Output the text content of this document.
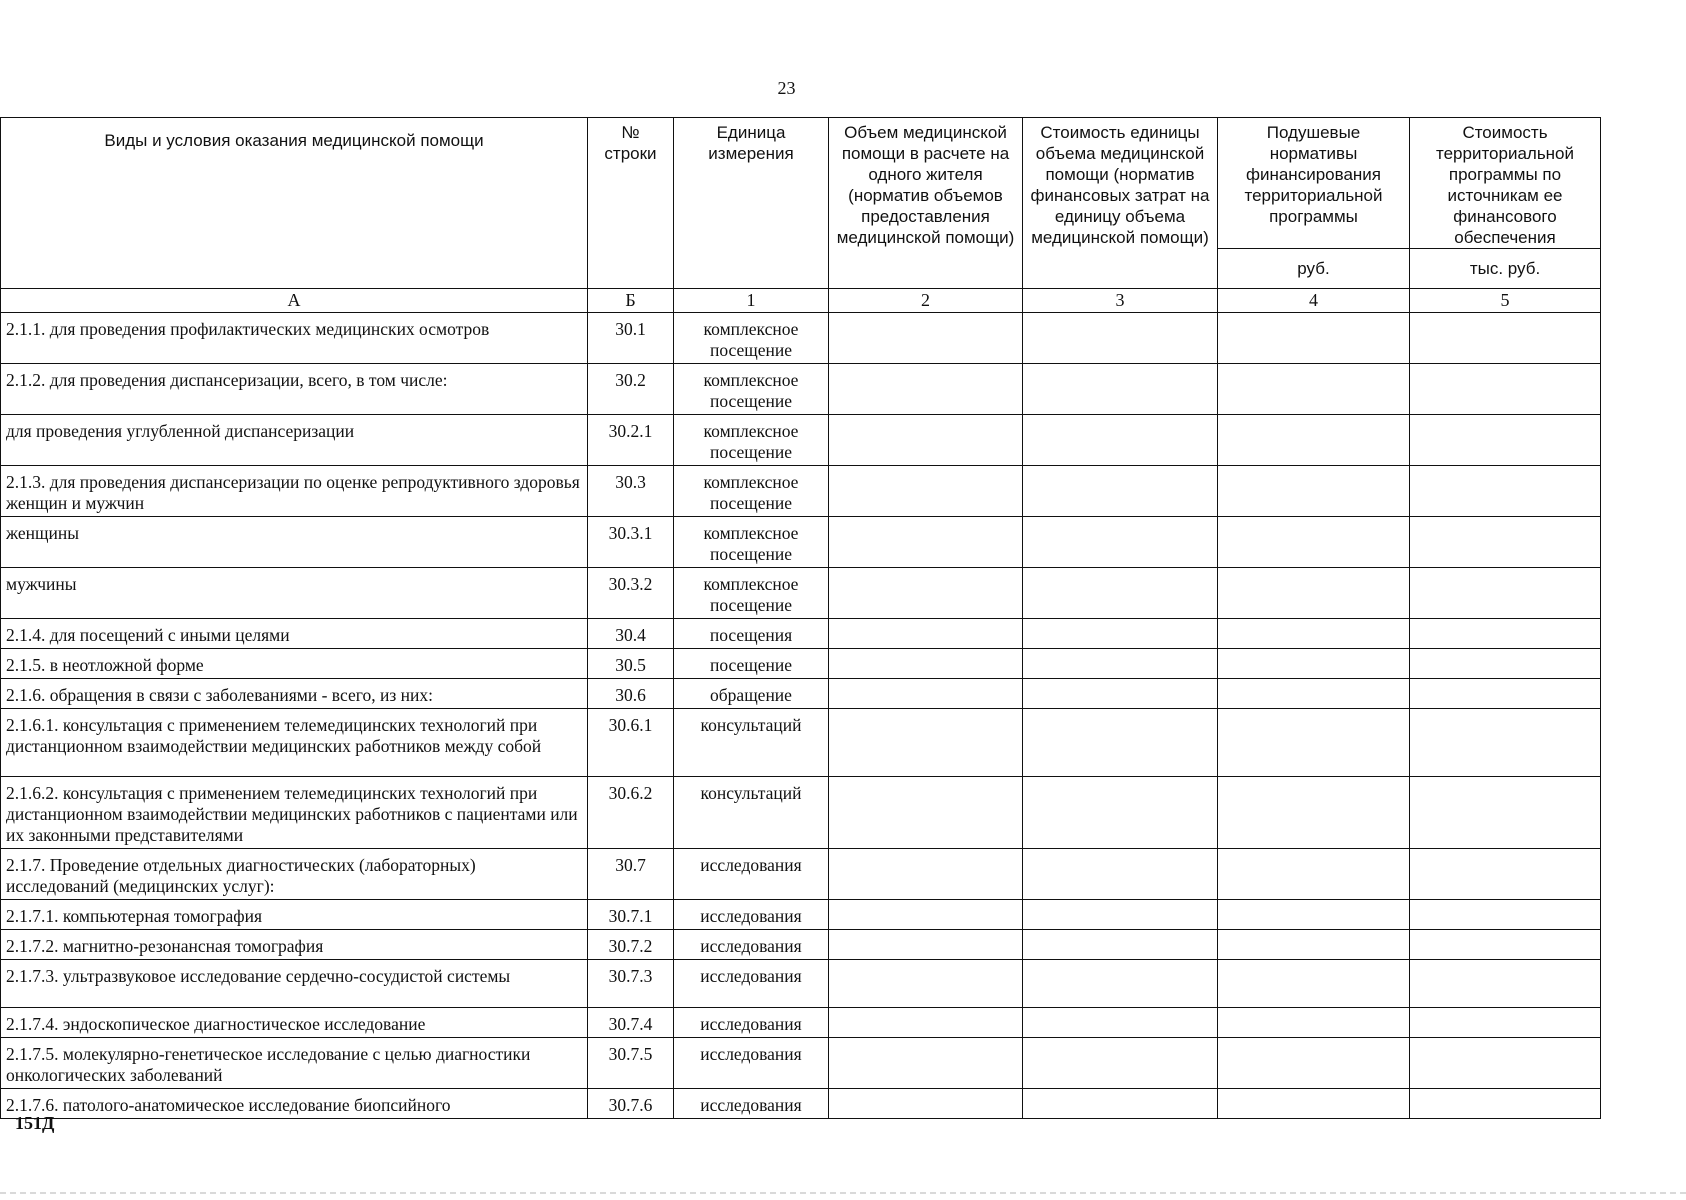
23
Виды и условия оказания медицинской помощи	№ строки	Единица измерения	Объем медицинской помощи в расчете на одного жителя (норматив объемов предоставления медицинской помощи)	Стоимость единицы объема медицинской помощи (норматив финансовых затрат на единицу объема медицинской помощи)	Подушевые нормативы финансирования территориальной программы	Стоимость территориальной программы по источникам ее финансового обеспечения
					руб.	тыс. руб.
А	Б	1	2	3	4	5
2.1.1. для проведения профилактических медицинских осмотров	30.1	комплексное посещение				
2.1.2. для проведения диспансеризации, всего, в том числе:	30.2	комплексное посещение				
для проведения углубленной диспансеризации	30.2.1	комплексное посещение				
2.1.3. для проведения диспансеризации по оценке репродуктивного здоровья женщин и мужчин	30.3	комплексное посещение				
женщины	30.3.1	комплексное посещение				
мужчины	30.3.2	комплексное посещение				
2.1.4. для посещений с иными целями	30.4	посещения				
2.1.5. в неотложной форме	30.5	посещение				
2.1.6. обращения в связи с заболеваниями - всего, из них:	30.6	обращение				
2.1.6.1. консультация с применением телемедицинских технологий при дистанционном взаимодействии медицинских работников между собой	30.6.1	консультаций				
2.1.6.2. консультация с применением телемедицинских технологий при дистанционном взаимодействии медицинских работников с пациентами или их законными представителями	30.6.2	консультаций				
2.1.7. Проведение отдельных диагностических (лабораторных) исследований (медицинских услуг):	30.7	исследования				
2.1.7.1. компьютерная томография	30.7.1	исследования				
2.1.7.2. магнитно-резонансная томография	30.7.2	исследования				
2.1.7.3. ультразвуковое исследование сердечно-сосудистой системы	30.7.3	исследования				
2.1.7.4. эндоскопическое диагностическое исследование	30.7.4	исследования				
2.1.7.5. молекулярно-генетическое исследование с целью диагностики онкологических заболеваний	30.7.5	исследования				
2.1.7.6. патолого-анатомическое исследование биопсийного	30.7.6	исследования				
151Д
